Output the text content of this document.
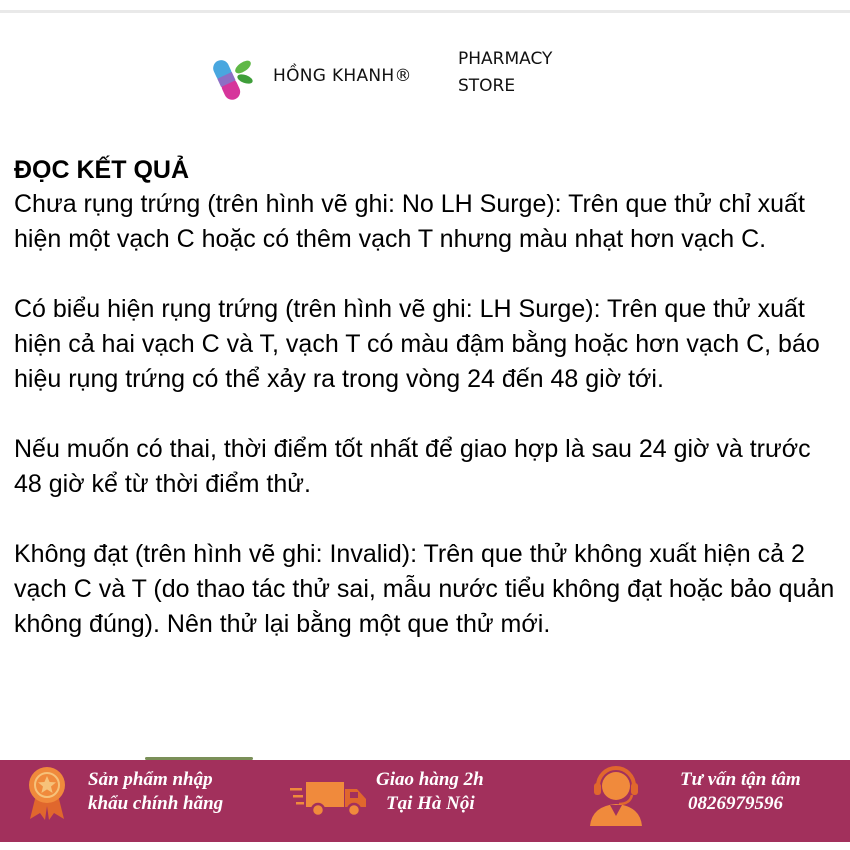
HỒNG KHANH®
PHARMACY
STORE
ĐỌC KẾT QUẢ

Chưa rụng trứng (trên hình vẽ ghi: No LH Surge): Trên que thử chỉ xuất hiện một vạch C hoặc có thêm vạch T nhưng màu nhạt hơn vạch C.

Có biểu hiện rụng trứng (trên hình vẽ ghi: LH Surge): Trên que thử xuất hiện cả hai vạch C và T, vạch T có màu đậm bằng hoặc hơn vạch C, báo hiệu rụng trứng có thể xảy ra trong vòng 24 đến 48 giờ tới.

Nếu muốn có thai, thời điểm tốt nhất để giao hợp là sau 24 giờ và trước 48 giờ kể từ thời điểm thử.

Không đạt (trên hình vẽ ghi: Invalid): Trên que thử không xuất hiện cả 2 vạch C và T (do thao tác thử sai, mẫu nước tiểu không đạt hoặc bảo quản không đúng). Nên thử lại bằng một que thử mới.

Sản phẩm nhập
khẩu chính hãng
Giao hàng 2h
Tại Hà Nội
Tư vấn tận tâm
0826979596
